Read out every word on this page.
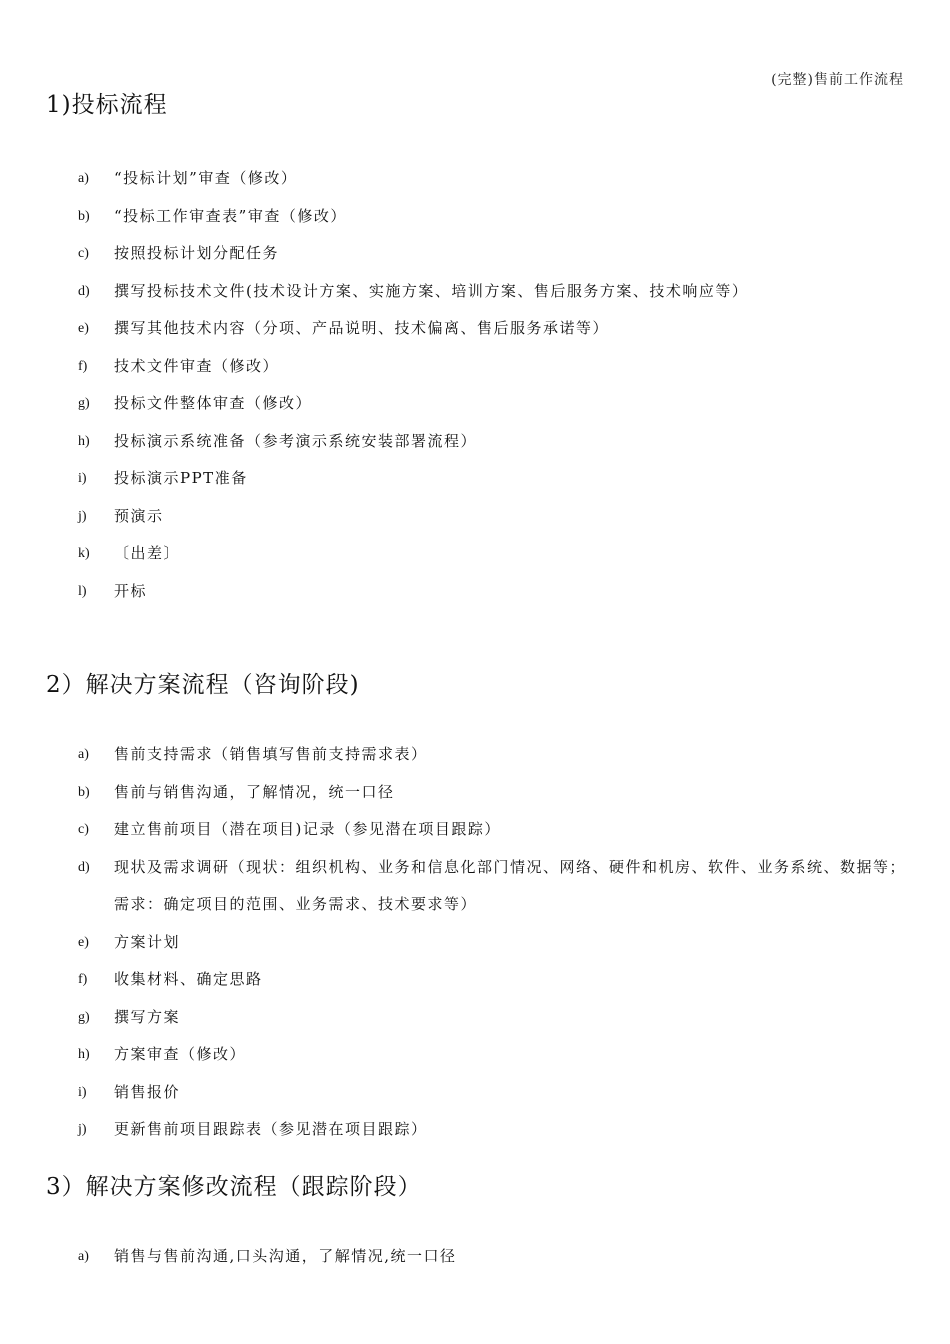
(完整)售前工作流程
1)投标流程
a)	“投标计划”审查（修改）
b)	“投标工作审查表”审查（修改）
c)	按照投标计划分配任务
d)	撰写投标技术文件(技术设计方案、实施方案、培训方案、售后服务方案、技术响应等）
e)	撰写其他技术内容（分项、产品说明、技术偏离、售后服务承诺等）
f)	技术文件审查（修改）
g)	投标文件整体审查（修改）
h)	投标演示系统准备（参考演示系统安装部署流程）
i)	投标演示PPT准备
j)	预演示
k)	〔出差〕
l)	开标
2）解决方案流程（咨询阶段)
a)	售前支持需求（销售填写售前支持需求表）
b)	售前与销售沟通，了解情况，统一口径
c)	建立售前项目（潜在项目)记录（参见潜在项目跟踪）
d)	现状及需求调研（现状：组织机构、业务和信息化部门情况、网络、硬件和机房、软件、业务系统、数据等；需求：确定项目的范围、业务需求、技术要求等）
e)	方案计划
f)	收集材料、确定思路
g)	撰写方案
h)	方案审查（修改）
i)	销售报价
j)	更新售前项目跟踪表（参见潜在项目跟踪）
3）解决方案修改流程（跟踪阶段）
a)	销售与售前沟通,口头沟通，了解情况,统一口径
